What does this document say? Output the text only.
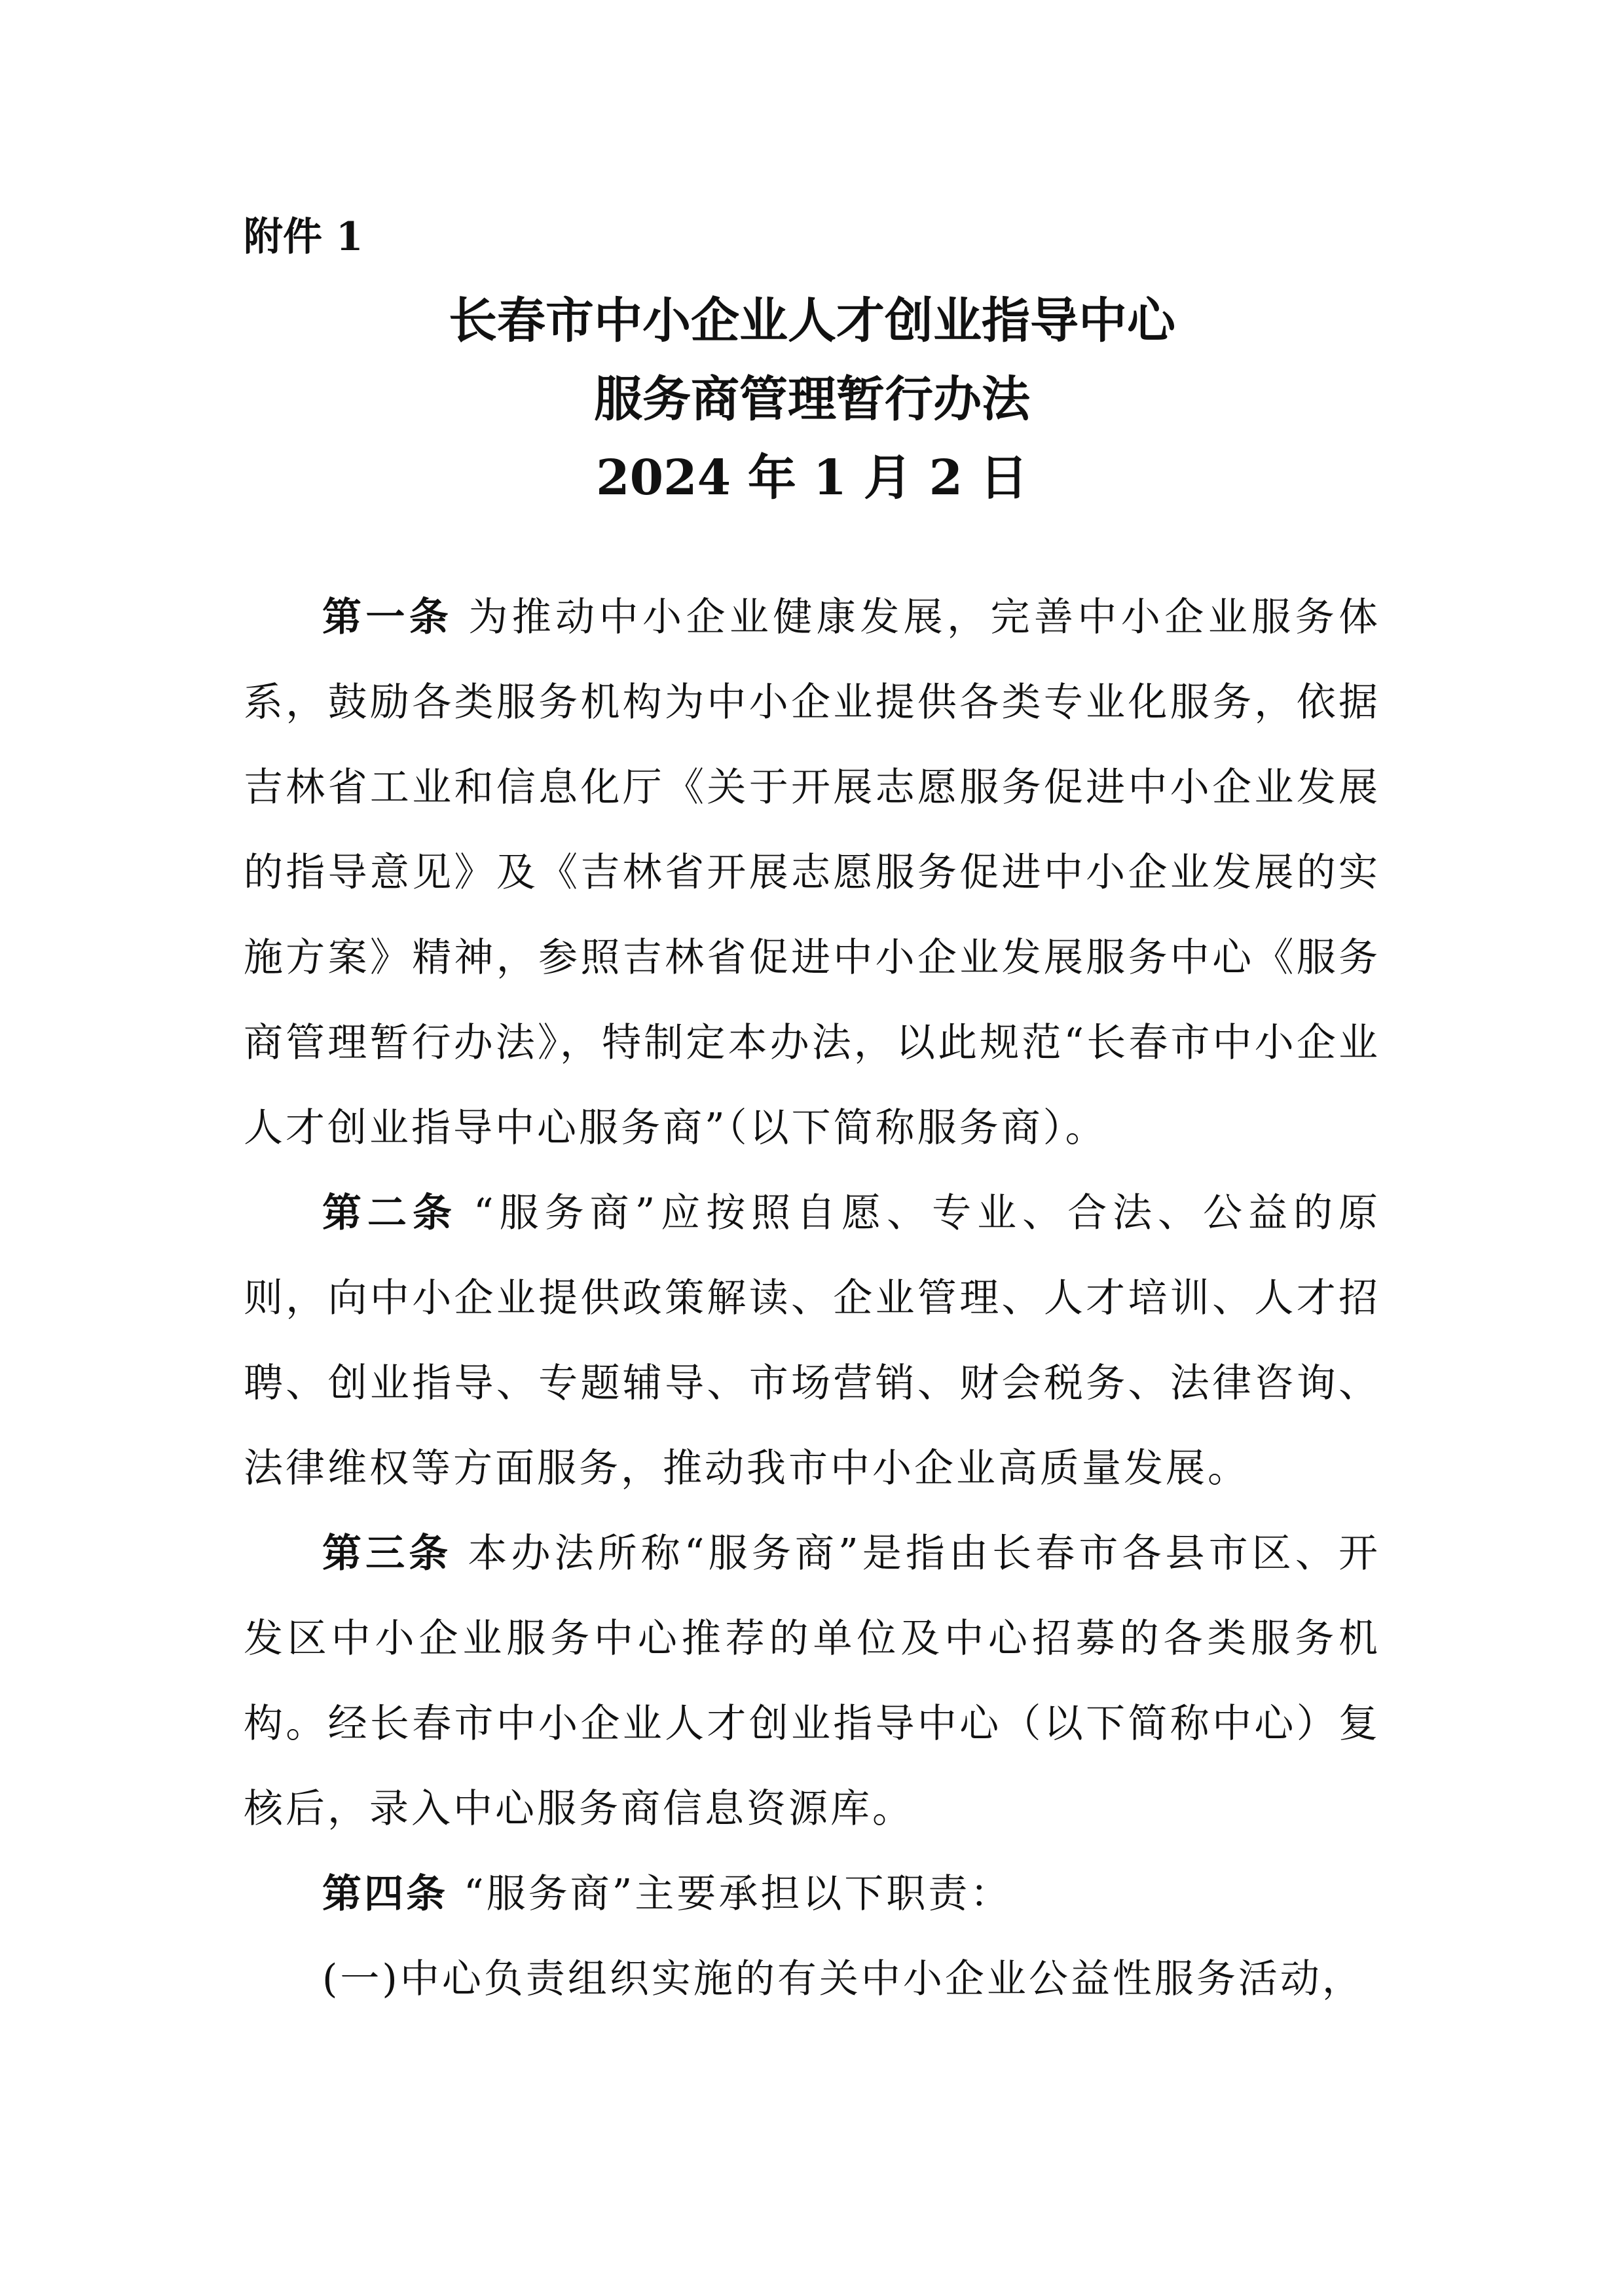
附件 1
长春市中小企业人才创业指导中心
服务商管理暂行办法
2024 年 1 月 2 日

第一条 为推动中小企业健康发展，完善中小企业服务体系，鼓励各类服务机构为中小企业提供各类专业化服务，依据吉林省工业和信息化厅《关于开展志愿服务促进中小企业发展的指导意见》及《吉林省开展志愿服务促进中小企业发展的实施方案》精神，参照吉林省促进中小企业发展服务中心《服务商管理暂行办法》，特制定本办法，以此规范“长春市中小企业人才创业指导中心服务商”（以下简称服务商）。

第二条 “服务商”应按照自愿、专业、合法、公益的原则，向中小企业提供政策解读、企业管理、人才培训、人才招聘、创业指导、专题辅导、市场营销、财会税务、法律咨询、法律维权等方面服务，推动我市中小企业高质量发展。

第三条 本办法所称“服务商”是指由长春市各县市区、开发区中小企业服务中心推荐的单位及中心招募的各类服务机构。经长春市中小企业人才创业指导中心（以下简称中心）复核后，录入中心服务商信息资源库。

第四条 “服务商”主要承担以下职责：

(一)中心负责组织实施的有关中小企业公益性服务活动，
